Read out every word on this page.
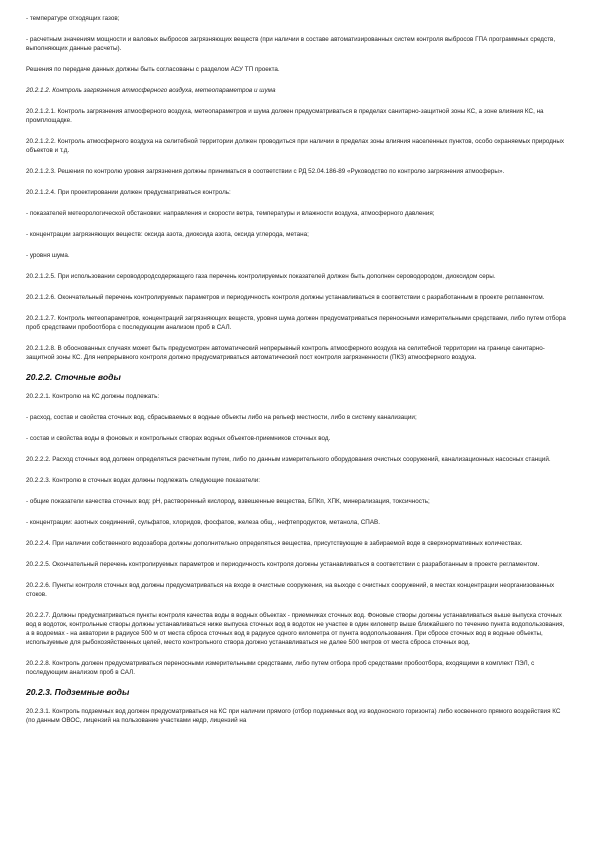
- температуре отходящих газов;

- расчетным значениям мощности и валовых выбросов загрязняющих веществ (при наличии в составе автоматизированных систем контроля выбросов ГПА программных средств, выполняющих данные расчеты).

Решения по передаче данных должны быть согласованы с разделом АСУ ТП проекта.

20.2.1.2. Контроль загрязнения атмосферного воздуха, метеопараметров и шума

20.2.1.2.1. Контроль загрязнения атмосферного воздуха, метеопараметров и шума должен предусматриваться в пределах санитарно-защитной зоны КС, а зоне влияния КС, на промплощадке.

20.2.1.2.2. Контроль атмосферного воздуха на селитебной территории должен проводиться при наличии в пределах зоны влияния населенных пунктов, особо охраняемых природных объектов и т.д.

20.2.1.2.3. Решения по контролю уровня загрязнения должны приниматься в соответствии с РД 52.04.186-89 «Руководство по контролю загрязнения атмосферы».

20.2.1.2.4. При проектировании должен предусматриваться контроль:

- показателей метеорологической обстановки: направления и скорости ветра, температуры и влажности воздуха, атмосферного давления;

- концентрации загрязняющих веществ: оксида азота, диоксида азота, оксида углерода, метана;

- уровня шума.

20.2.1.2.5. При использовании сероводородсодержащего газа перечень контролируемых показателей должен быть дополнен сероводородом, диоксидом серы.

20.2.1.2.6. Окончательный перечень контролируемых параметров и периодичность контроля должны устанавливаться в соответствии с разработанным в проекте регламентом.

20.2.1.2.7. Контроль метеопараметров, концентраций загрязняющих веществ, уровня шума должен предусматриваться переносными измерительными средствами, либо путем отбора проб средствами пробоотбора с последующим анализом проб в САЛ.

20.2.1.2.8. В обоснованных случаях может быть предусмотрен автоматический непрерывный контроль атмосферного воздуха на селитебной территории на границе санитарно-защитной зоны КС. Для непрерывного контроля должно предусматриваться автоматический пост контроля загрязненности (ПКЗ) атмосферного воздуха.

20.2.2. Сточные воды

20.2.2.1. Контролю на КС должны подлежать:

- расход, состав и свойства сточных вод, сбрасываемых в водные объекты либо на рельеф местности, либо в систему канализации;

- состав и свойства воды в фоновых и контрольных створах водных объектов-приемников сточных вод.

20.2.2.2. Расход сточных вод должен определяться расчетным путем, либо по данным измерительного оборудования очистных сооружений, канализационных насосных станций.

20.2.2.3. Контролю в сточных водах должны подлежать следующие показатели:

- общие показатели качества сточных вод: pH, растворенный кислород, взвешенные вещества, БПКп, ХПК, минерализация, токсичность;

- концентрации: азотных соединений, сульфатов, хлоридов, фосфатов, железа общ., нефтепродуктов, метанола, СПАВ.

20.2.2.4. При наличии собственного водозабора должны дополнительно определяться вещества, присутствующие в забираемой воде в сверхнормативных количествах.

20.2.2.5. Окончательный перечень контролируемых параметров и периодичность контроля должны устанавливаться в соответствии с разработанным в проекте регламентом.

20.2.2.6. Пункты контроля сточных вод должны предусматриваться на входе в очистные сооружения, на выходе с очистных сооружений, в местах концентрации неорганизованных стоков.

20.2.2.7. Должны предусматриваться пункты контроля качества воды в водных объектах - приемниках сточных вод. Фоновые створы должны устанавливаться выше выпуска сточных вод в водоток, контрольные створы должны устанавливаться ниже выпуска сточных вод в водоток не участке в один километр выше ближайшего по течению пункта водопользования, а в водоемах - на акватории в радиусе 500 м от места сброса сточных вод в радиусе одного километра от пункта водопользования. При сбросе сточных вод в водные объекты, используемые для рыбохозяйственных целей, место контрольного створа должно устанавливаться не далее 500 метров от места сброса сточных вод.

20.2.2.8. Контроль должен предусматриваться переносными измерительными средствами, либо путем отбора проб средствами пробоотбора, входящими в комплект ПЭЛ, с последующим анализом проб в САЛ.

20.2.3. Подземные воды

20.2.3.1. Контроль подземных вод должен предусматриваться на КС при наличии прямого (отбор подземных вод из водоносного горизонта) либо косвенного прямого воздействия КС (по данным ОВОС, лицензий на пользование участками недр, лицензий на
